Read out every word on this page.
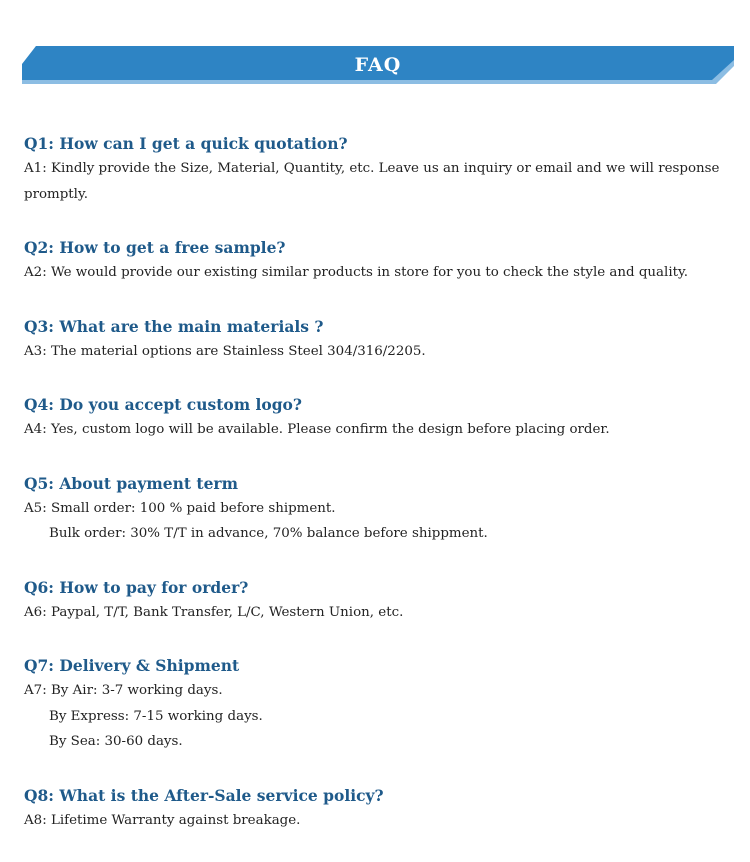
FAQ
Q1: How can I get a quick quotation?
A1: Kindly provide the Size, Material, Quantity, etc. Leave us an inquiry or email and we will response promptly.
Q2: How to get a free sample?
A2: We would provide our existing similar products in store for you to check the style and quality.
Q3: What are the main materials ?
A3: The material options are Stainless Steel 304/316/2205.
Q4: Do you accept custom logo?
A4: Yes, custom logo will be available. Please confirm the design before placing order.
Q5: About payment term
A5: Small order: 100 % paid before shipment.
Bulk order: 30% T/T in advance, 70% balance before shippment.
Q6: How to pay for order?
A6: Paypal, T/T, Bank Transfer, L/C, Western Union, etc.
Q7: Delivery & Shipment
A7: By Air: 3-7 working days.
By Express: 7-15 working days.
By Sea: 30-60 days.
Q8: What is the After-Sale service policy?
A8: Lifetime Warranty against breakage.
